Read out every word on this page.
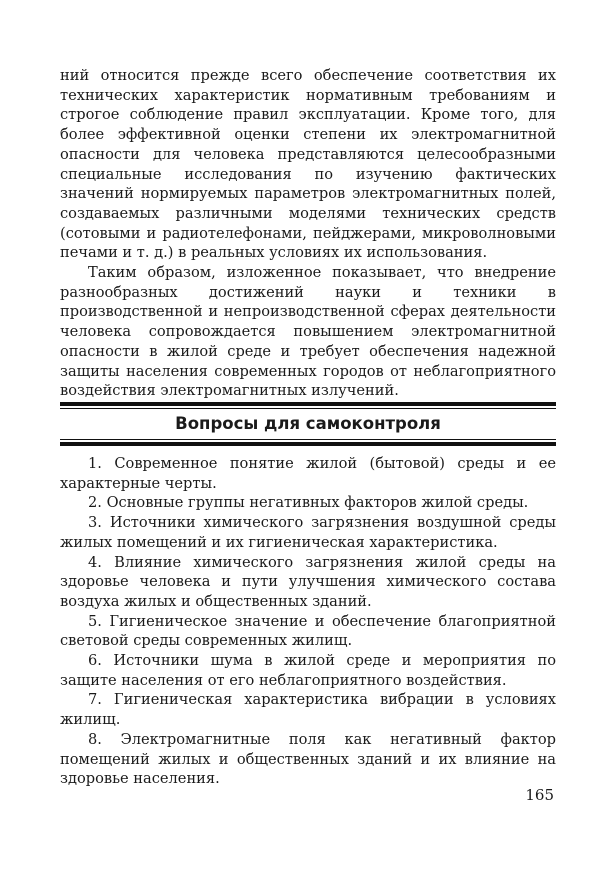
ний относится прежде всего обеспечение соответствия их технических характеристик нормативным требованиям и строгое соблюдение правил эксплуатации. Кроме того, для более эффективной оценки степени их электромагнитной опасности для человека представляются целесообразными специальные исследования по изучению фактических значений нормируемых параметров электромагнитных полей, создаваемых различными моделями технических средств (сотовыми и радиотелефонами, пейджерами, микроволновыми печами и т. д.) в реальных условиях их использования.

Таким образом, изложенное показывает, что внедрение разнообразных достижений науки и техники в производственной и непроизводственной сферах деятельности человека сопровождается повышением электромагнитной опасности в жилой среде и требует обеспечения надежной защиты населения современных городов от неблагоприятного воздействия электромагнитных излучений.

Вопросы для самоконтроля

1. Современное понятие жилой (бытовой) среды и ее характерные черты.

2. Основные группы негативных факторов жилой среды.

3. Источники химического загрязнения воздушной среды жилых помещений и их гигиеническая характеристика.

4. Влияние химического загрязнения жилой среды на здоровье человека и пути улучшения химического состава воздуха жилых и общественных зданий.

5. Гигиеническое значение и обеспечение благоприятной световой среды современных жилищ.

6. Источники шума в жилой среде и мероприятия по защите населения от его неблагоприятного воздействия.

7. Гигиеническая характеристика вибрации в условиях жилищ.

8. Электромагнитные поля как негативный фактор помещений жилых и общественных зданий и их влияние на здоровье населения.

165
